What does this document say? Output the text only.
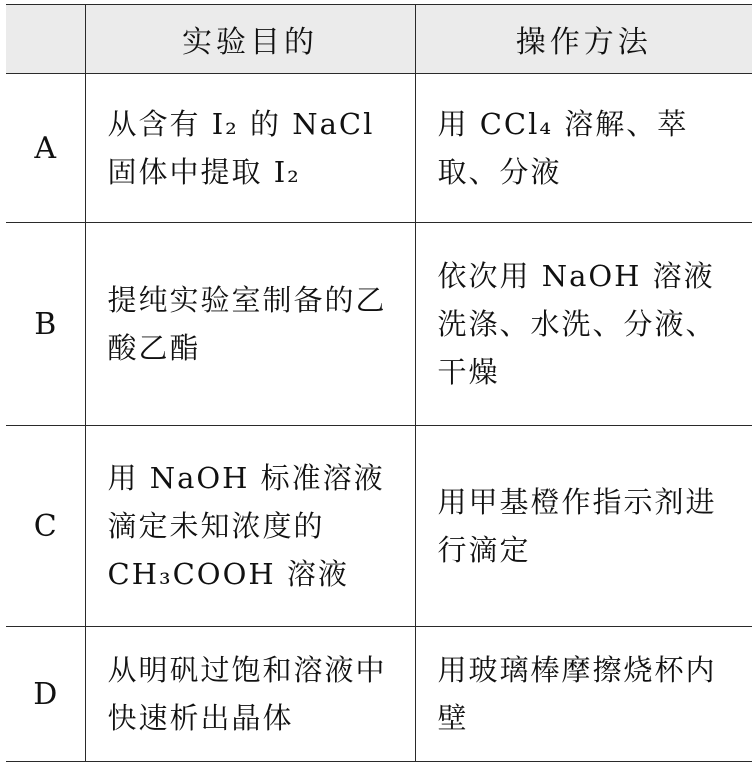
	实验目的	操作方法
A	从含有 I₂ 的 NaCl 固体中提取 I₂	用 CCl₄ 溶解、萃取、分液

B	提纯实验室制备的乙酸乙酯	依次用 NaOH 溶液洗涤、水洗、分液、干燥

C	用 NaOH 标准溶液滴定未知浓度的 CH₃COOH 溶液	用甲基橙作指示剂进行滴定

D	从明矾过饱和溶液中快速析出晶体	用玻璃棒摩擦烧杯内壁
